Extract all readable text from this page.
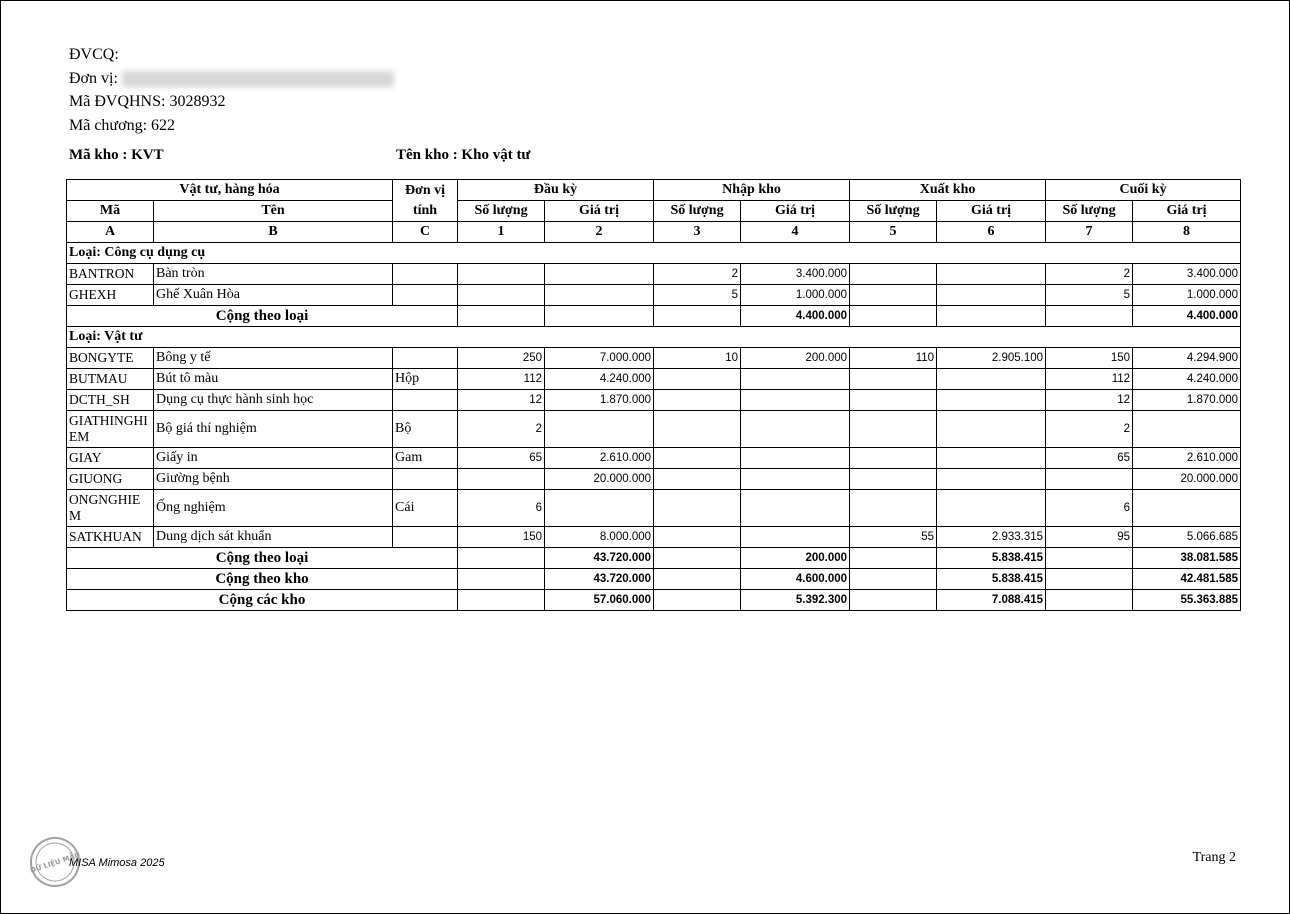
ĐVCQ:
Đơn vị:
Mã ĐVQHNS: 3028932
Mã chương: 622
Mã kho : KVT	Tên kho : Kho vật tư
Vật tư, hàng hóa		Đơn vị tính	Đầu kỳ		Nhập kho		Xuất kho		Cuối kỳ	
Mã	Tên		Số lượng	Giá trị	Số lượng	Giá trị	Số lượng	Giá trị	Số lượng	Giá trị
A	B	C	1	2	3	4	5	6	7	8
Loại: Công cụ dụng cụ										
BANTRON	Bàn tròn				2	3.400.000			2	3.400.000
GHEXH	Ghế Xuân Hòa				5	1.000.000			5	1.000.000
Cộng theo loại						4.400.000				4.400.000
Loại: Vật tư										
BONGYTE	Bông y tế		250	7.000.000	10	200.000	110	2.905.100	150	4.294.900
BUTMAU	Bút tô màu	Hộp	112	4.240.000					112	4.240.000
DCTH_SH	Dụng cụ thực hành sinh học		12	1.870.000					12	1.870.000
GIATHINGHIEM	Bộ giá thí nghiệm	Bộ	2						2	
GIAY	Giấy in	Gam	65	2.610.000					65	2.610.000
GIUONG	Giường bệnh			20.000.000						20.000.000
ONGNGHIEM	Ống nghiệm	Cái	6						6	
SATKHUAN	Dung dịch sát khuẩn		150	8.000.000			55	2.933.315	95	5.066.685
Cộng theo loại				43.720.000		200.000		5.838.415		38.081.585
Cộng theo kho				43.720.000		4.600.000		5.838.415		42.481.585
Cộng các kho				57.060.000		5.392.300		7.088.415		55.363.885
DỮ LIỆU MẪU
MISA Mimosa 2025	Trang 2
